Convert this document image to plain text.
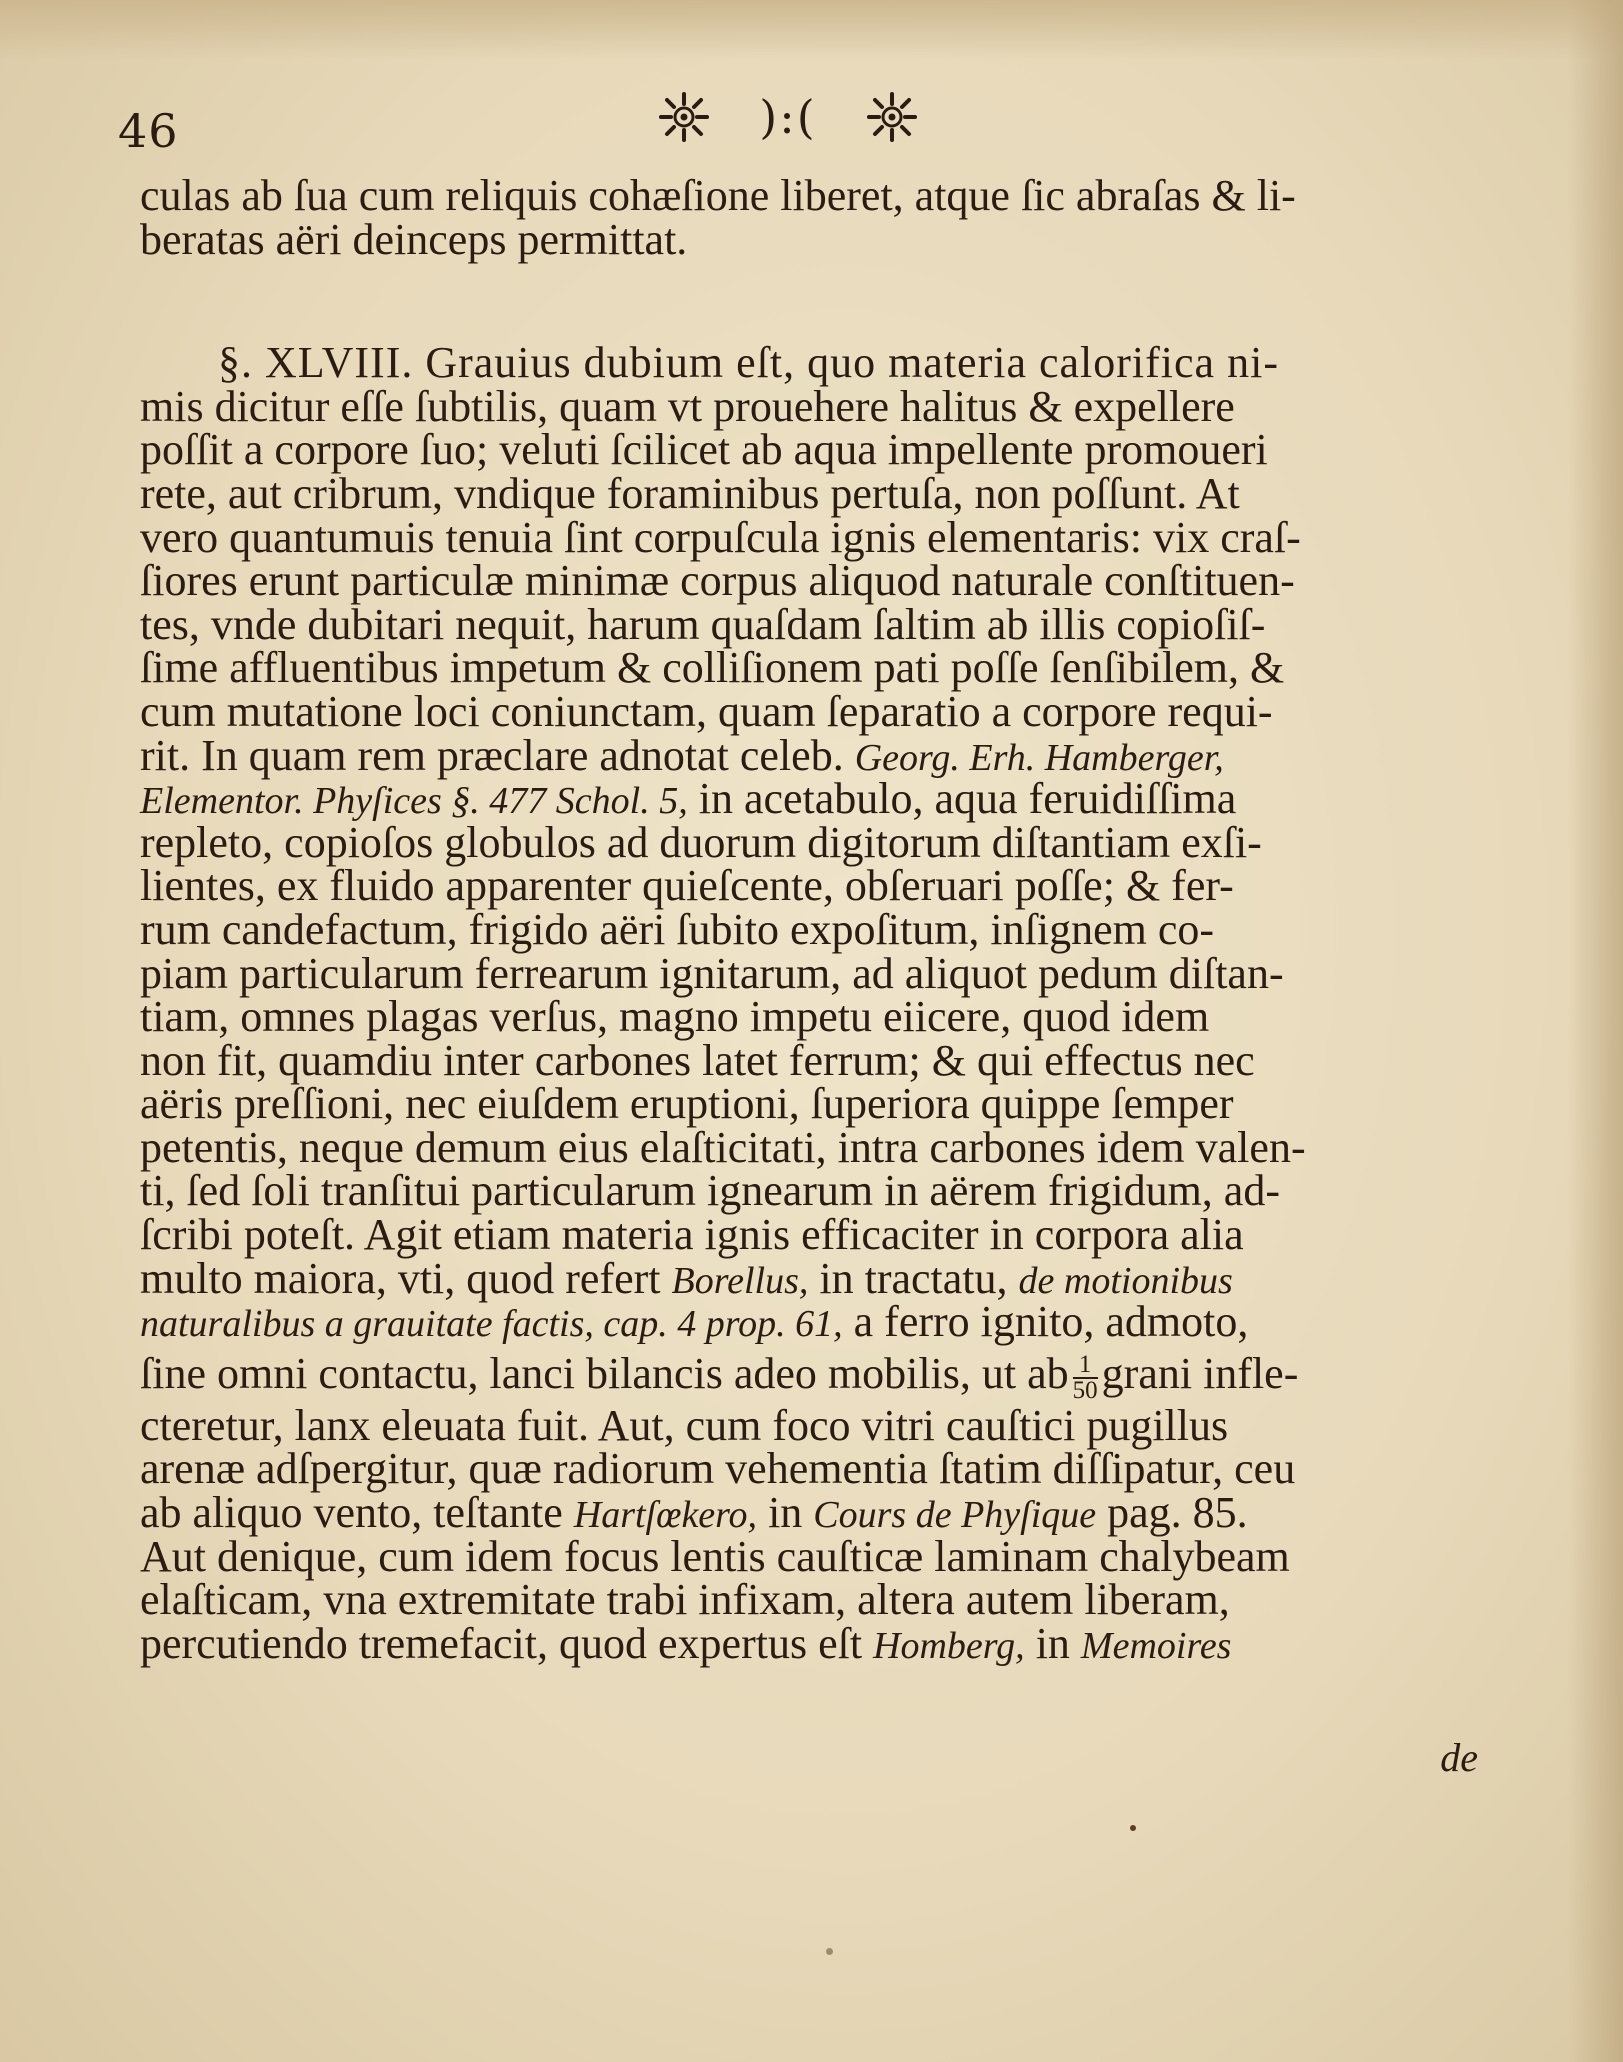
46	):(
culas ab ſua cum reliquis cohæſione liberet, atque ſic abraſas & li-
beratas aëri deinceps permittat.
§. XLVIII. Grauius dubium eſt, quo materia calorifica ni-
mis dicitur eſſe ſubtilis, quam vt prouehere halitus & expellere
poſſit a corpore ſuo; veluti ſcilicet ab aqua impellente promoueri
rete, aut cribrum, vndique foraminibus pertuſa, non poſſunt. At
vero quantumuis tenuia ſint corpuſcula ignis elementaris: vix craſ-
ſiores erunt particulæ minimæ corpus aliquod naturale conſtituen-
tes, vnde dubitari nequit, harum quaſdam ſaltim ab illis copioſiſ-
ſime affluentibus impetum & colliſionem pati poſſe ſenſibilem, &
cum mutatione loci coniunctam, quam ſeparatio a corpore requi-
rit. In quam rem præclare adnotat celeb. Georg. Erh. Hamberger,
Elementor. Phyſices §. 477 Schol. 5, in acetabulo, aqua feruidiſſima
repleto, copioſos globulos ad duorum digitorum diſtantiam exſi-
lientes, ex fluido apparenter quieſcente, obſeruari poſſe; & fer-
rum candefactum, frigido aëri ſubito expoſitum, inſignem co-
piam particularum ferrearum ignitarum, ad aliquot pedum diſtan-
tiam, omnes plagas verſus, magno impetu eiicere, quod idem
non fit, quamdiu inter carbones latet ferrum; & qui effectus nec
aëris preſſioni, nec eiuſdem eruptioni, ſuperiora quippe ſemper
petentis, neque demum eius elaſticitati, intra carbones idem valen-
ti, ſed ſoli tranſitui particularum ignearum in aërem frigidum, ad-
ſcribi poteſt. Agit etiam materia ignis efficaciter in corpora alia
multo maiora, vti, quod refert Borellus, in tractatu, de motionibus
naturalibus a grauitate factis, cap. 4 prop. 61, a ferro ignito, admoto,
ſine omni contactu, lanci bilancis adeo mobilis, ut ab $\frac{1}{50}$ grani infle-
cteretur, lanx eleuata fuit. Aut, cum foco vitri cauſtici pugillus
arenæ adſpergitur, quæ radiorum vehementia ſtatim diſſipatur, ceu
ab aliquo vento, teſtante Hartſœkero, in Cours de Phyſique pag. 85.
Aut denique, cum idem focus lentis cauſticæ laminam chalybeam
elaſticam, vna extremitate trabi infixam, altera autem liberam,
percutiendo tremefacit, quod expertus eſt Homberg, in Memoires
de
